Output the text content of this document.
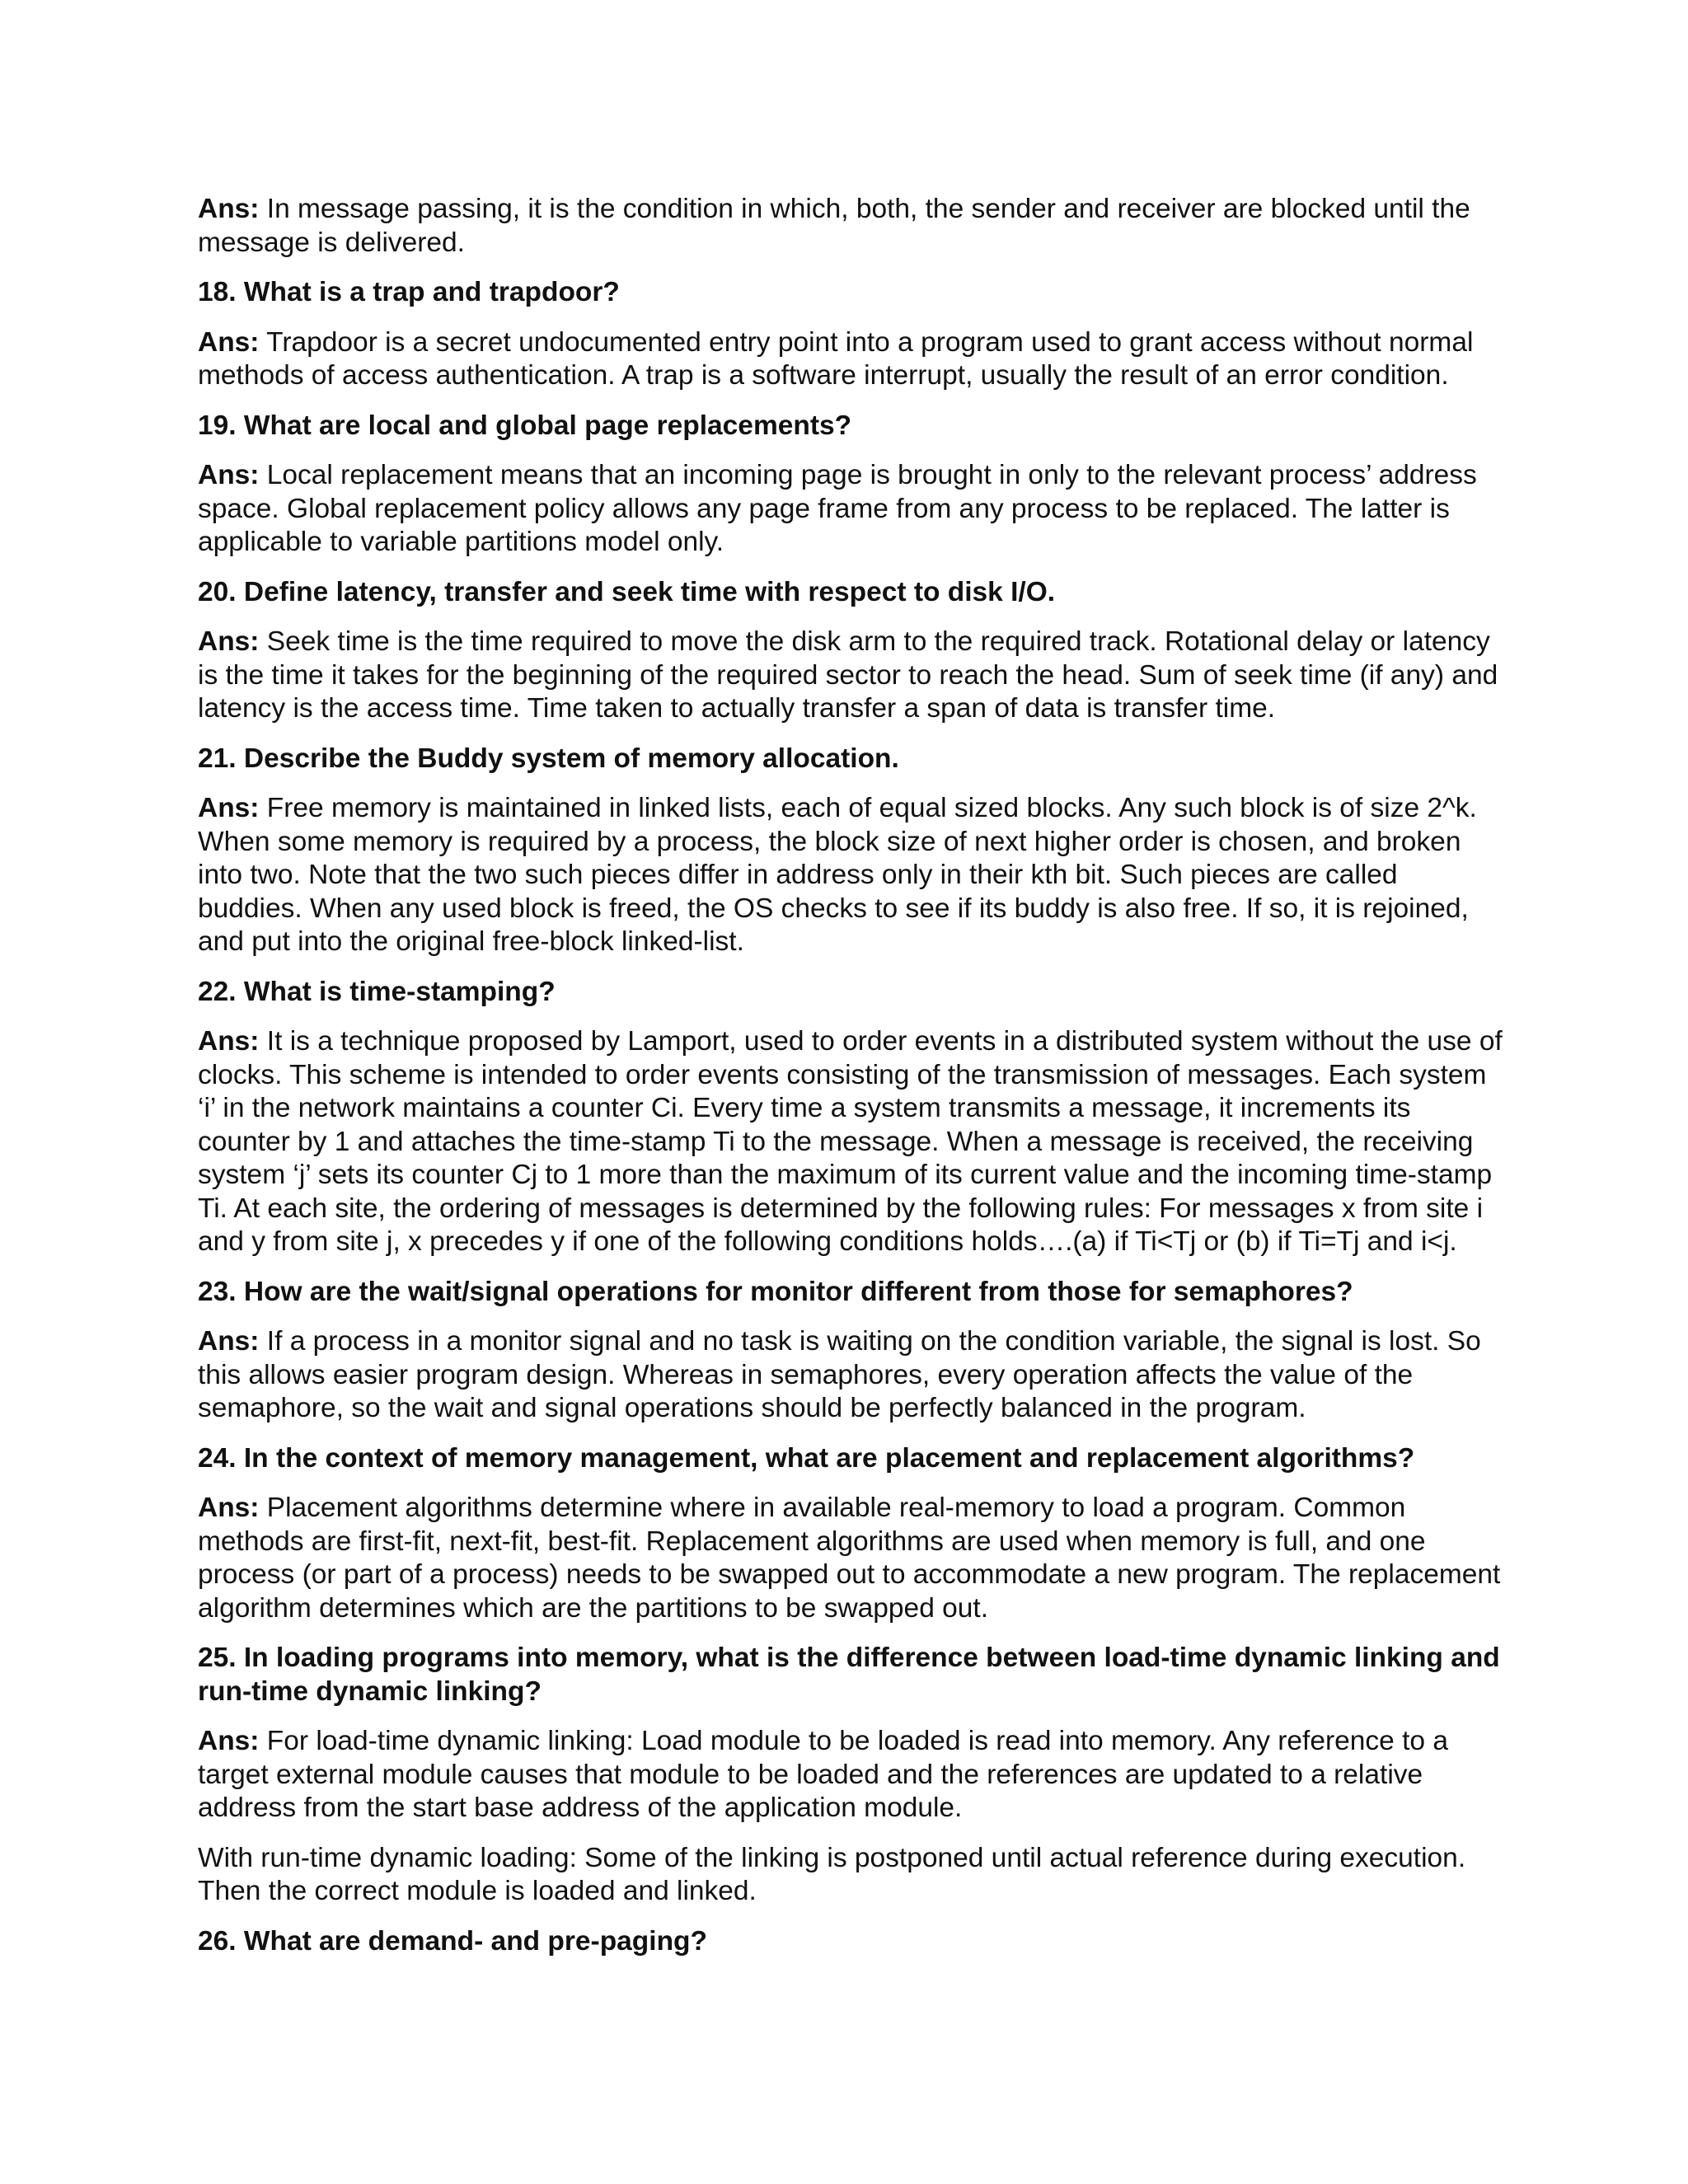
Ans: In message passing, it is the condition in which, both, the sender and receiver are blocked until the message is delivered.

18. What is a trap and trapdoor?

Ans: Trapdoor is a secret undocumented entry point into a program used to grant access without normal methods of access authentication. A trap is a software interrupt, usually the result of an error condition.

19. What are local and global page replacements?

Ans: Local replacement means that an incoming page is brought in only to the relevant process’ address space. Global replacement policy allows any page frame from any process to be replaced. The latter is applicable to variable partitions model only.

20. Define latency, transfer and seek time with respect to disk I/O.

Ans: Seek time is the time required to move the disk arm to the required track. Rotational delay or latency is the time it takes for the beginning of the required sector to reach the head. Sum of seek time (if any) and latency is the access time. Time taken to actually transfer a span of data is transfer time.

21. Describe the Buddy system of memory allocation.

Ans: Free memory is maintained in linked lists, each of equal sized blocks. Any such block is of size 2^k. When some memory is required by a process, the block size of next higher order is chosen, and broken into two. Note that the two such pieces differ in address only in their kth bit. Such pieces are called buddies. When any used block is freed, the OS checks to see if its buddy is also free. If so, it is rejoined, and put into the original free-block linked-list.

22. What is time-stamping?

Ans: It is a technique proposed by Lamport, used to order events in a distributed system without the use of clocks. This scheme is intended to order events consisting of the transmission of messages. Each system ‘i’ in the network maintains a counter Ci. Every time a system transmits a message, it increments its counter by 1 and attaches the time-stamp Ti to the message. When a message is received, the receiving system ‘j’ sets its counter Cj to 1 more than the maximum of its current value and the incoming time-stamp Ti. At each site, the ordering of messages is determined by the following rules: For messages x from site i and y from site j, x precedes y if one of the following conditions holds….(a) if Ti<Tj or (b) if Ti=Tj and i<j.

23. How are the wait/signal operations for monitor different from those for semaphores?

Ans: If a process in a monitor signal and no task is waiting on the condition variable, the signal is lost. So this allows easier program design. Whereas in semaphores, every operation affects the value of the semaphore, so the wait and signal operations should be perfectly balanced in the program.

24. In the context of memory management, what are placement and replacement algorithms?

Ans: Placement algorithms determine where in available real-memory to load a program. Common methods are first-fit, next-fit, best-fit. Replacement algorithms are used when memory is full, and one process (or part of a process) needs to be swapped out to accommodate a new program. The replacement algorithm determines which are the partitions to be swapped out.

25. In loading programs into memory, what is the difference between load-time dynamic linking and run-time dynamic linking?

Ans: For load-time dynamic linking: Load module to be loaded is read into memory. Any reference to a target external module causes that module to be loaded and the references are updated to a relative address from the start base address of the application module.

With run-time dynamic loading: Some of the linking is postponed until actual reference during execution. Then the correct module is loaded and linked.

26. What are demand- and pre-paging?
